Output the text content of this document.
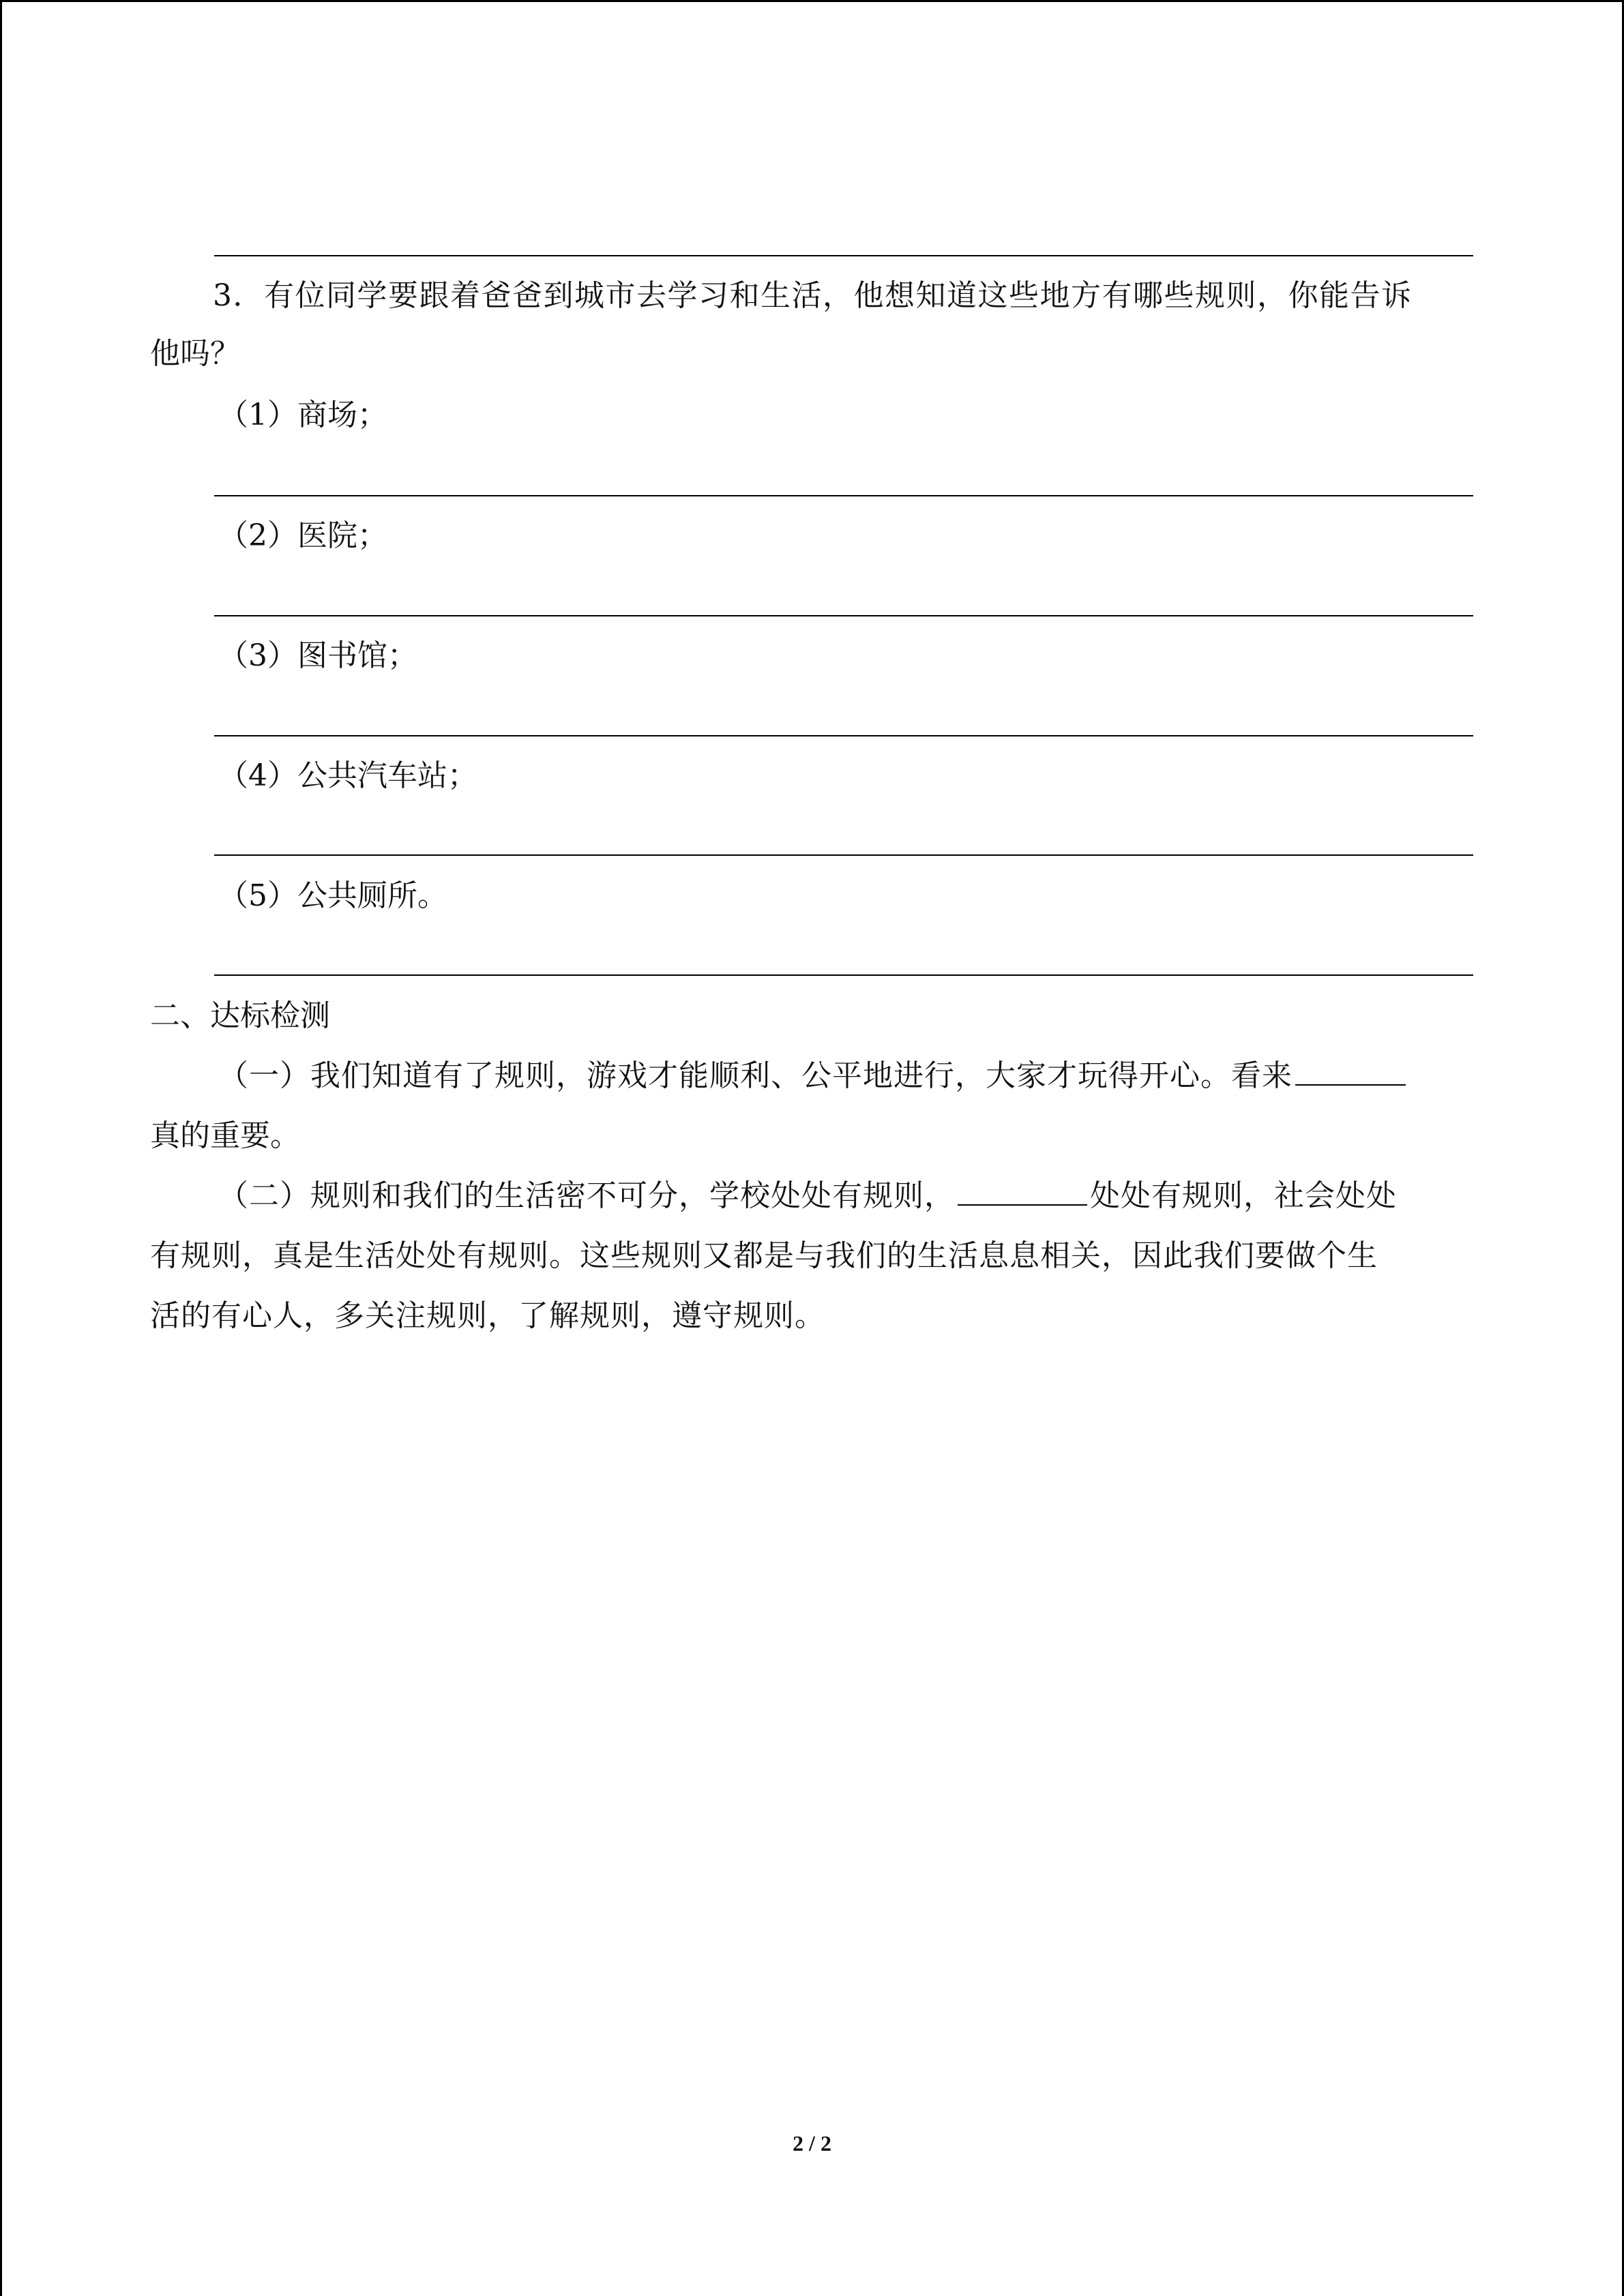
3．有位同学要跟着爸爸到城市去学习和生活，他想知道这些地方有哪些规则，你能告诉
他吗？
（1）商场；
（2）医院；
（3）图书馆；
（4）公共汽车站；
（5）公共厕所。
二、达标检测
（一）我们知道有了规则，游戏才能顺利、公平地进行，大家才玩得开心。看来
真的重要。
（二）规则和我们的生活密不可分，学校处处有规则，	处处有规则，社会处处
有规则，真是生活处处有规则。这些规则又都是与我们的生活息息相关，因此我们要做个生
活的有心人，多关注规则，了解规则，遵守规则。
2 / 2
